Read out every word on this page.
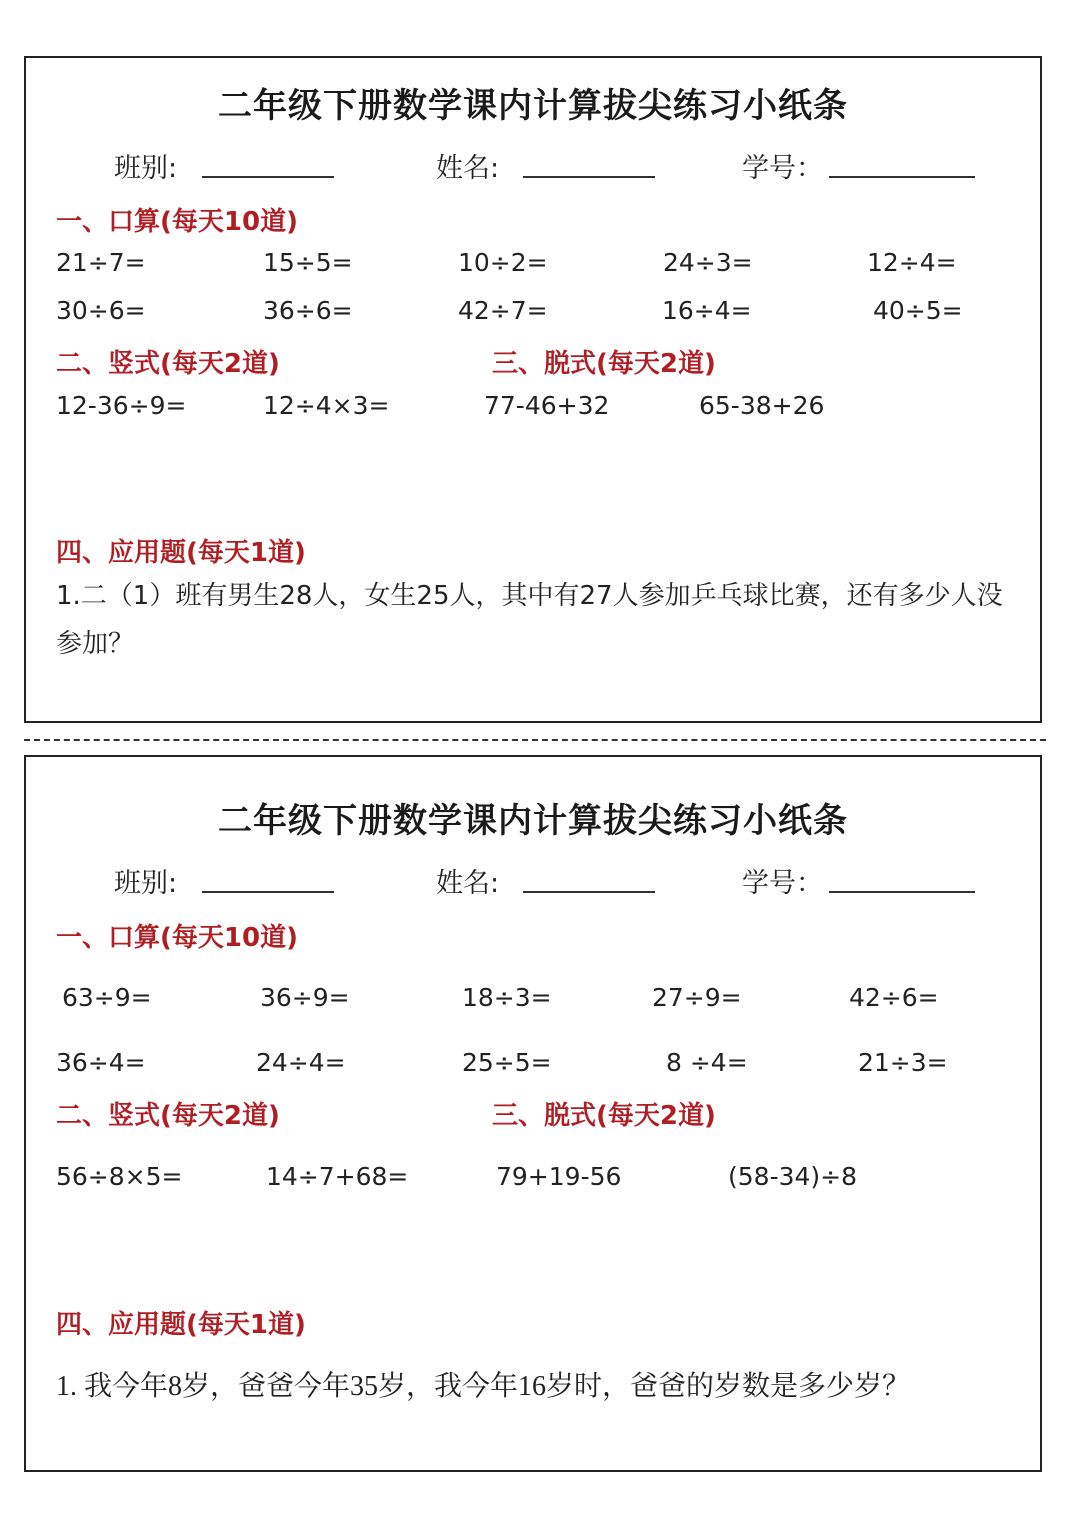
二年级下册数学课内计算拔尖练习小纸条
班别:	姓名:	学号：
一、口算(每天10道)
21÷7=	15÷5=	10÷2=	24÷3=	12÷4=
30÷6=	36÷6=	42÷7=	16÷4=	40÷5=
二、竖式(每天2道)	三、脱式(每天2道)
12-36÷9=	12÷4×3=	77-46+32	65-38+26
四、应用题(每天1道)
1.二（1）班有男生28人，女生25人，其中有27人参加乒乓球比赛，还有多少人没
参加？
二年级下册数学课内计算拔尖练习小纸条
班别:	姓名:	学号：
一、口算(每天10道)
63÷9=	36÷9=	18÷3=	27÷9=	42÷6=
36÷4=	24÷4=	25÷5=	8 ÷4=	21÷3=
二、竖式(每天2道)	三、脱式(每天2道)
56÷8×5=	14÷7+68=	79+19-56	(58-34)÷8
四、应用题(每天1道)
1. 我今年8岁，爸爸今年35岁，我今年16岁时，爸爸的岁数是多少岁？
